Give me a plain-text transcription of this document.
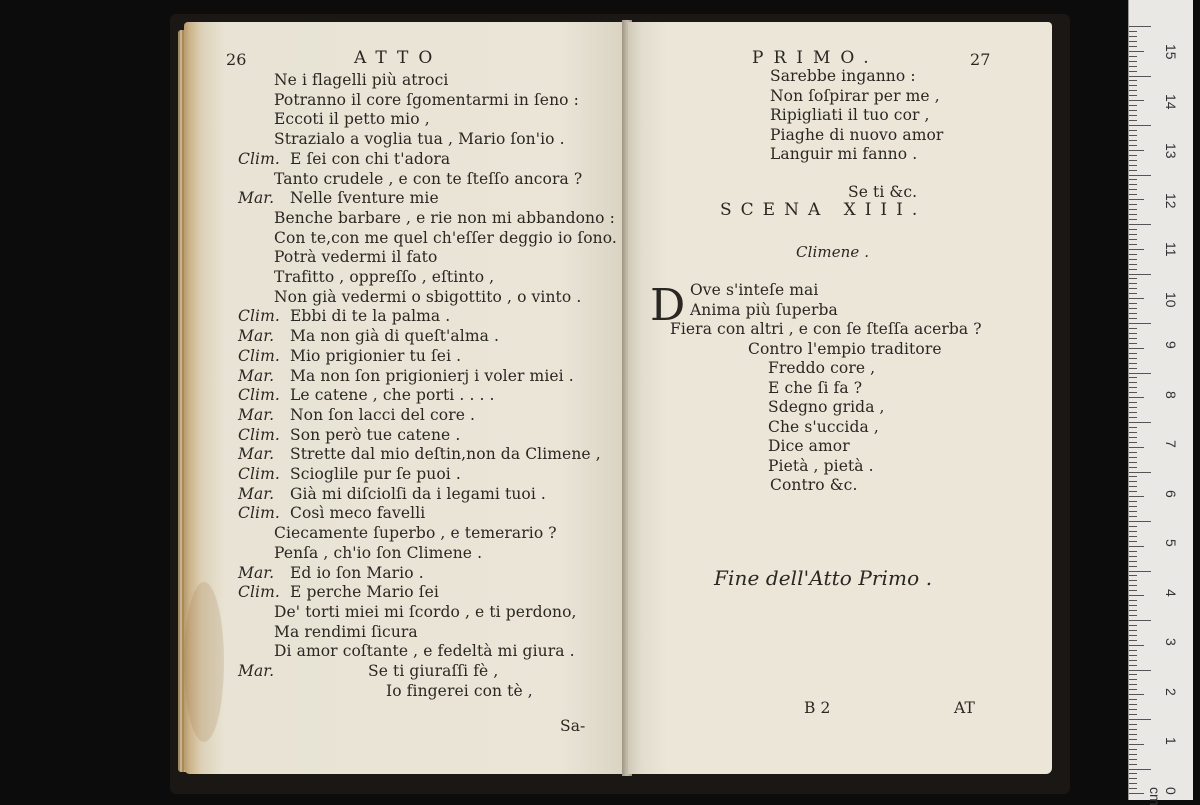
26	ATTO
Ne i flagelli più atroci
Potranno il core ſgomentarmi in ſeno :
Eccoti il petto mio ,
Strazialo a voglia tua , Mario ſon'io .
Clim. E ſei con chi t'adora
Tanto crudele , e con te ſteſſo ancora ?
Mar. Nelle ſventure mie
Benche barbare , e rie non mi abbandono :
Con te,con me quel ch'eſſer deggio io ſono.
Potrà vedermi il fato
Trafitto , oppreſſo , eſtinto ,
Non già vedermi o sbigottito , o vinto .
Clim. Ebbi di te la palma .
Mar. Ma non già di queſt'alma .
Clim. Mio prigionier tu ſei .
Mar. Ma non ſon prigionierj i voler miei .
Clim. Le catene , che porti . . . .
Mar. Non ſon lacci del core .
Clim. Son però tue catene .
Mar. Strette dal mio deſtin,non da Climene ,
Clim. Scioglile pur ſe puoi .
Mar. Già mi diſciolſi da i legami tuoi .
Clim. Così meco favelli
Ciecamente ſuperbo , e temerario ?
Penſa , ch'io ſon Climene .
Mar. Ed io ſon Mario .
Clim. E perche Mario ſei
De' torti miei mi ſcordo , e ti perdono,
Ma rendimi ſicura
Di amor coſtante , e fedeltà mi giura .
Mar.	Se ti giuraſſi fè ,
Io fingerei con tè ,
Sa-
PRIMO.	27
Sarebbe inganno :
Non ſoſpirar per me ,
Ripigliati il tuo cor ,
Piaghe di nuovo amor
Languir mi fanno .
Se ti &c.
SCENA XIII.
Climene .
D Ove s'inteſe mai
Anima più ſuperba
Fiera con altri , e con ſe ſteſſa acerba ?
Contro l'empio traditore
Freddo core ,
E che ſi fa ?
Sdegno grida ,
Che s'uccida ,
Dice amor
Pietà , pietà .
Contro &c.
Fine dell'Atto Primo .
B 2	AT
15
14
13
12
11
10
9
8
7
6
5
4
3
2
1
0 cm
